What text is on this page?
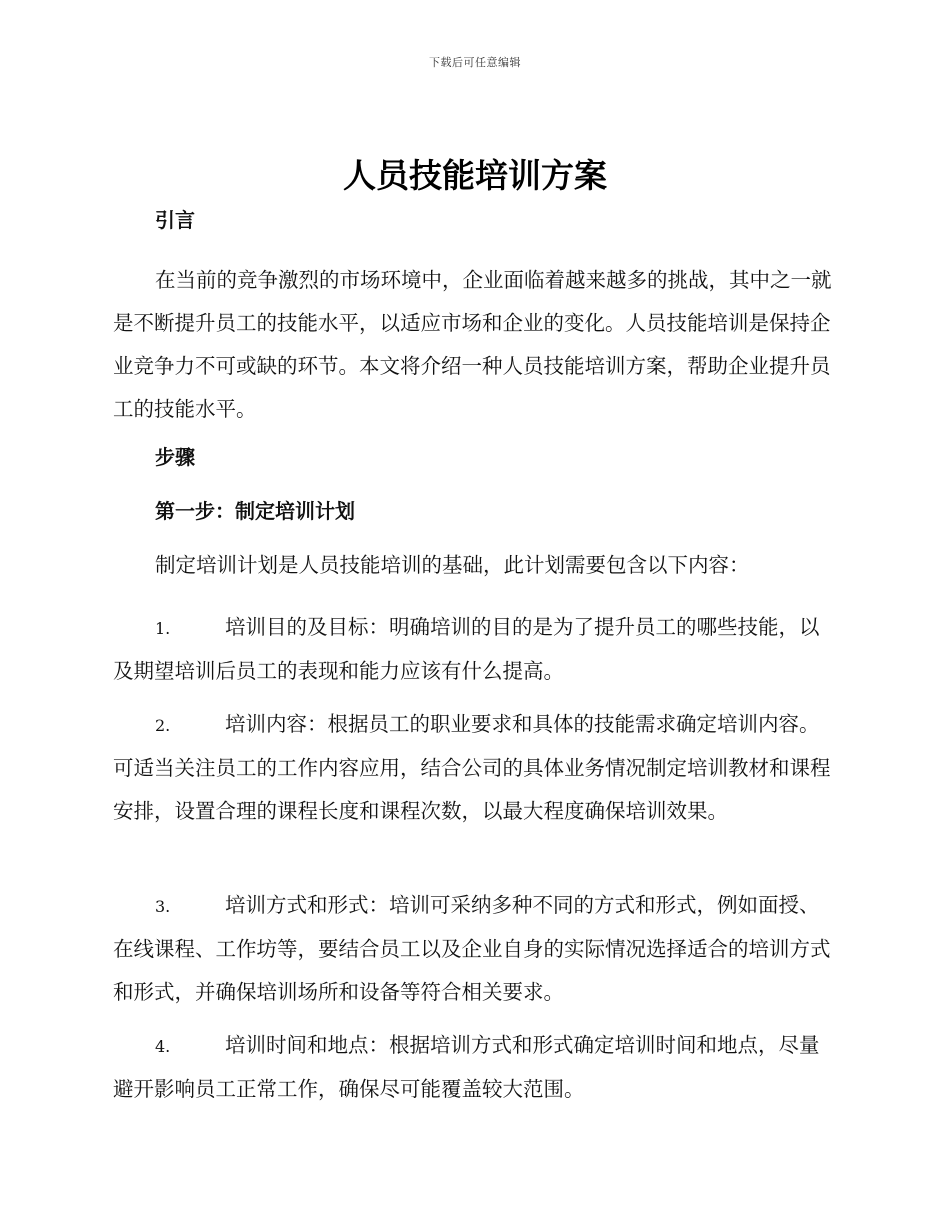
下载后可任意编辑
人员技能培训方案

引言

在当前的竞争激烈的市场环境中，企业面临着越来越多的挑战，其中之一就是不断提升员工的技能水平，以适应市场和企业的变化。人员技能培训是保持企业竞争力不可或缺的环节。本文将介绍一种人员技能培训方案，帮助企业提升员工的技能水平。

步骤

第一步：制定培训计划

制定培训计划是人员技能培训的基础，此计划需要包含以下内容：

1.	培训目的及目标：明确培训的目的是为了提升员工的哪些技能，以及期望培训后员工的表现和能力应该有什么提高。

2.	培训内容：根据员工的职业要求和具体的技能需求确定培训内容。可适当关注员工的工作内容应用，结合公司的具体业务情况制定培训教材和课程安排，设置合理的课程长度和课程次数，以最大程度确保培训效果。

3.	培训方式和形式：培训可采纳多种不同的方式和形式，例如面授、在线课程、工作坊等，要结合员工以及企业自身的实际情况选择适合的培训方式和形式，并确保培训场所和设备等符合相关要求。

4.	培训时间和地点：根据培训方式和形式确定培训时间和地点，尽量避开影响员工正常工作，确保尽可能覆盖较大范围。
